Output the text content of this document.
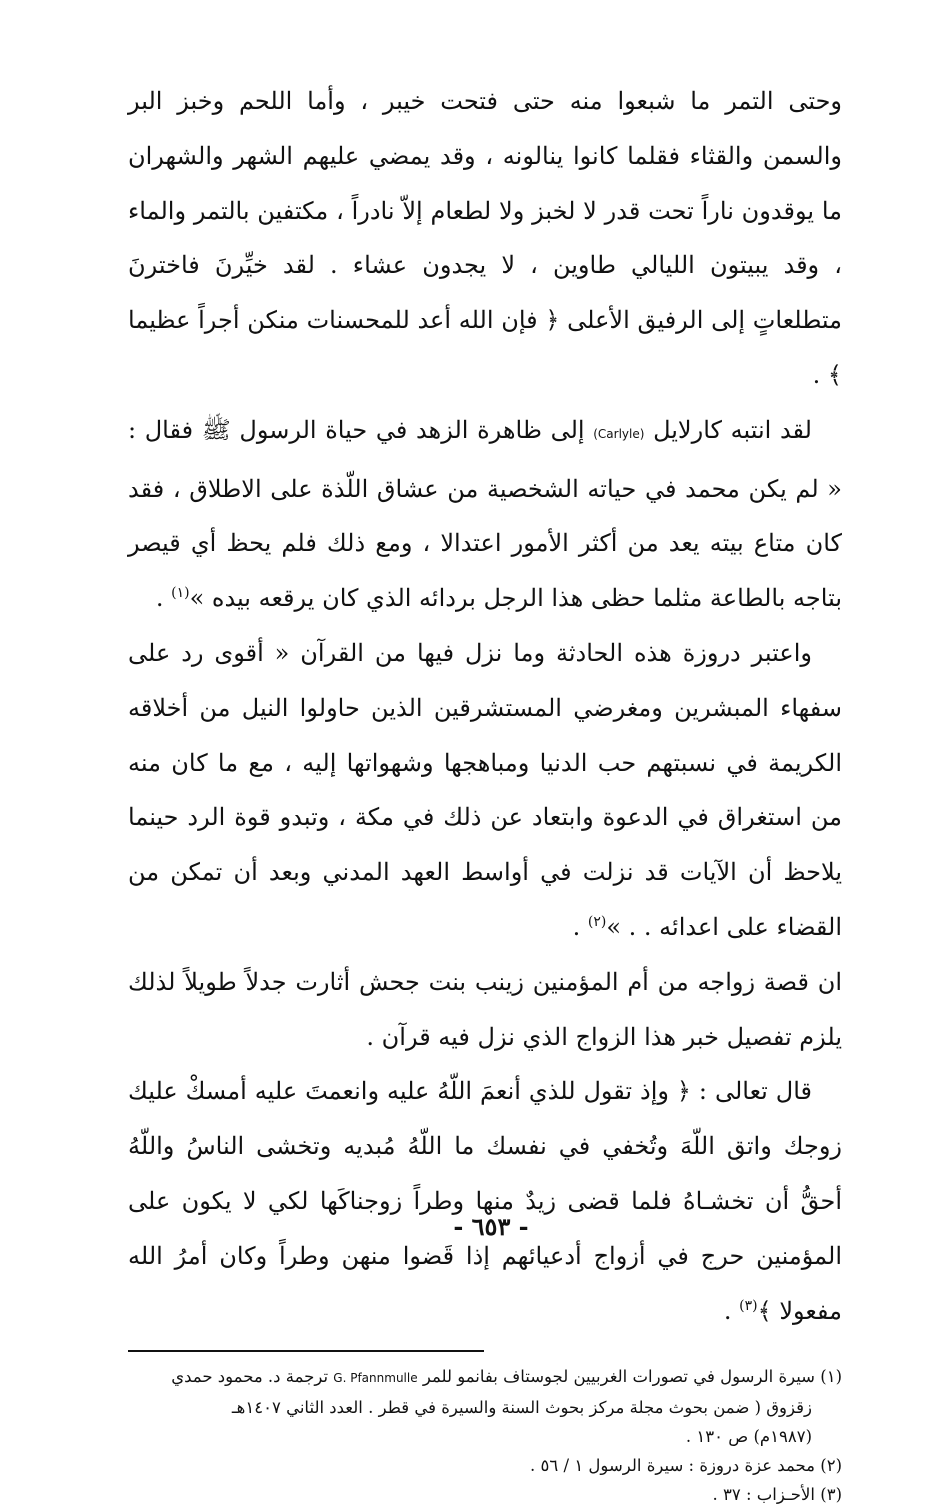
وحتى التمر ما شبعوا منه حتى فتحت خيبر ، وأما اللحم وخبز البر والسمن والقثاء فقلما كانوا ينالونه ، وقد يمضي عليهم الشهر والشهران ما يوقدون ناراً تحت قدر لا لخبز ولا لطعام إلاّ نادراً ، مكتفين بالتمر والماء ، وقد يبيتون الليالي طاوين ، لا يجدون عشاء . لقد خيِّرنَ فاخترنَ متطلعاتٍ إلى الرفيق الأعلى ﴿ فإن الله أعد للمحسنات منكن أجراً عظيما ﴾ .

لقد انتبه كارلايل (Carlyle) إلى ظاهرة الزهد في حياة الرسول ﷺ فقال : « لم يكن محمد في حياته الشخصية من عشاق اللّذة على الاطلاق ، فقد كان متاع بيته يعد من أكثر الأمور اعتدالا ، ومع ذلك فلم يحظ أي قيصر بتاجه بالطاعة مثلما حظى هذا الرجل بردائه الذي كان يرقعه بيده »$^{(١)}$ .

واعتبر دروزة هذه الحادثة وما نزل فيها من القرآن « أقوى رد على سفهاء المبشرين ومغرضي المستشرقين الذين حاولوا النيل من أخلاقه الكريمة في نسبتهم حب الدنيا ومباهجها وشهواتها إليه ، مع ما كان منه من استغراق في الدعوة وابتعاد عن ذلك في مكة ، وتبدو قوة الرد حينما يلاحظ أن الآيات قد نزلت في أواسط العهد المدني وبعد أن تمكن من القضاء على اعدائه . . »$^{(٢)}$ .

ان قصة زواجه من أم المؤمنين زينب بنت جحش أثارت جدلاً طويلاً لذلك يلزم تفصيل خبر هذا الزواج الذي نزل فيه قرآن .

قال تعالى : ﴿ وإذ تقول للذي أنعمَ اللّهُ عليه وانعمتَ عليه أمسكْ عليك زوجك واتق اللّهَ وتُخفي في نفسك ما اللّهُ مُبديه وتخشى الناسُ واللّهُ أحقُّ أن تخشـاهُ فلما قضى زيدٌ منها وطراً زوجناكَها لكي لا يكون على المؤمنين حرج في أزواج أدعيائهم إذا قَضوا منهن وطراً وكان أمرُ الله مفعولا ﴾$^{(٣)}$ .

(١) سيرة الرسول في تصورات الغربيين لجوستاف بفانمو للمر G. Pfannmulle ترجمة د. محمود حمدي

زقزوق ( ضمن بحوث مجلة مركز بحوث السنة والسيرة في قطر . العدد الثاني ١٤٠٧هـ

(١٩٨٧م) ص ١٣٠ .

(٢) محمد عزة دروزة : سيرة الرسول ١ / ٥٦ .

(٣) الأحـزاب : ٣٧ .

- ٦٥٣ -
